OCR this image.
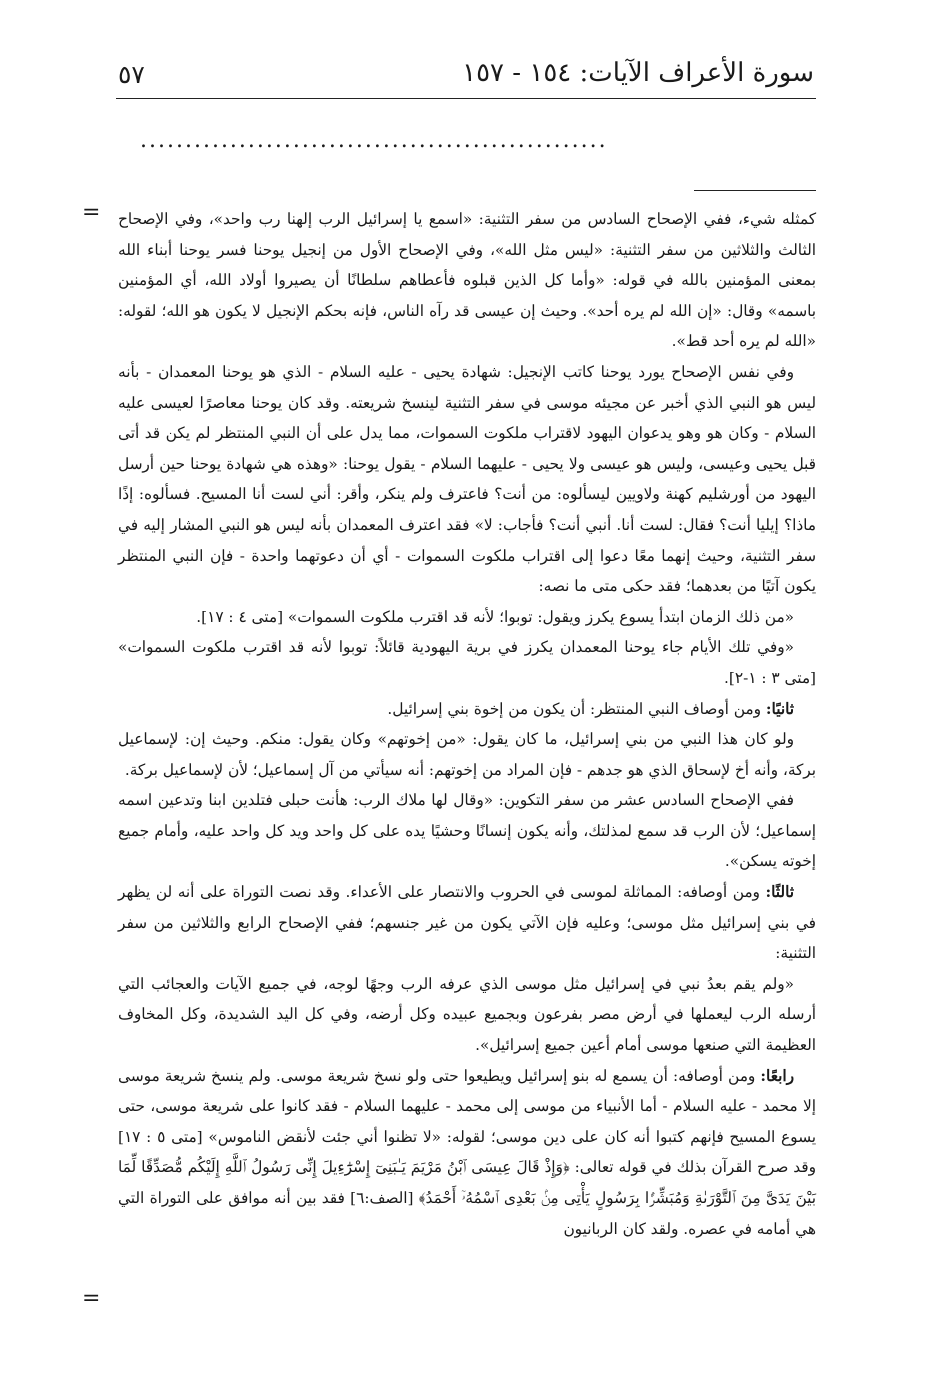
٥٧	سورة الأعراف الآيات: ١٥٤ - ١٥٧
....................................................
=
=

كمثله شيء، ففي الإصحاح السادس من سفر التثنية: «اسمع يا إسرائيل الرب إلهنا رب واحد»، وفي الإصحاح الثالث والثلاثين من سفر التثنية: «ليس مثل الله»، وفي الإصحاح الأول من إنجيل يوحنا فسر يوحنا أبناء الله بمعنى المؤمنين بالله في قوله: «وأما كل الذين قبلوه فأعطاهم سلطانًا أن يصيروا أولاد الله، أي المؤمنين باسمه» وقال: «إن الله لم يره أحد». وحيث إن عيسى قد رآه الناس، فإنه بحكم الإنجيل لا يكون هو الله؛ لقوله: «الله لم يره أحد قط».

وفي نفس الإصحاح يورد يوحنا كاتب الإنجيل: شهادة يحيى - عليه السلام - الذي هو يوحنا المعمدان - بأنه ليس هو النبي الذي أخبر عن مجيئه موسى في سفر التثنية لينسخ شريعته. وقد كان يوحنا معاصرًا لعيسى عليه السلام - وكان هو وهو يدعوان اليهود لاقتراب ملكوت السموات، مما يدل على أن النبي المنتظر لم يكن قد أتى قبل يحيى وعيسى، وليس هو عيسى ولا يحيى - عليهما السلام - يقول يوحنا: «وهذه هي شهادة يوحنا حين أرسل اليهود من أورشليم كهنة ولاويين ليسألوه: من أنت؟ فاعترف ولم ينكر، وأقر: أني لست أنا المسيح. فسألوه: إذًا ماذا؟ إيليا أنت؟ فقال: لست أنا. أنبي أنت؟ فأجاب: لا» فقد اعترف المعمدان بأنه ليس هو النبي المشار إليه في سفر التثنية، وحيث إنهما معًا دعوا إلى اقتراب ملكوت السموات - أي أن دعوتهما واحدة - فإن النبي المنتظر يكون آتيًا من بعدهما؛ فقد حكى متى ما نصه:

«من ذلك الزمان ابتدأ يسوع يكرز ويقول: توبوا؛ لأنه قد اقترب ملكوت السموات» [متى ٤ : ١٧].

«وفي تلك الأيام جاء يوحنا المعمدان يكرز في برية اليهودية قائلاً: توبوا لأنه قد اقترب ملكوت السموات» [متى ٣ : ١-٢].

ثانيًا: ومن أوصاف النبي المنتظر: أن يكون من إخوة بني إسرائيل.

ولو كان هذا النبي من بني إسرائيل، ما كان يقول: «من إخوتهم» وكان يقول: منكم. وحيث إن: لإسماعيل بركة، وأنه أخ لإسحاق الذي هو جدهم - فإن المراد من إخوتهم: أنه سيأتي من آل إسماعيل؛ لأن لإسماعيل بركة.

ففي الإصحاح السادس عشر من سفر التكوين: «وقال لها ملاك الرب: هأنت حبلى فتلدين ابنا وتدعين اسمه إسماعيل؛ لأن الرب قد سمع لمذلتك، وأنه يكون إنسانًا وحشيًا يده على كل واحد ويد كل واحد عليه، وأمام جميع إخوته يسكن».

ثالثًا: ومن أوصافه: المماثلة لموسى في الحروب والانتصار على الأعداء. وقد نصت التوراة على أنه لن يظهر في بني إسرائيل مثل موسى؛ وعليه فإن الآتي يكون من غير جنسهم؛ ففي الإصحاح الرابع والثلاثين من سفر التثنية:

«ولم يقم بعدُ نبي في إسرائيل مثل موسى الذي عرفه الرب وجهًا لوجه، في جميع الآيات والعجائب التي أرسله الرب ليعملها في أرض مصر بفرعون وبجميع عبيده وكل أرضه، وفي كل اليد الشديدة، وكل المخاوف العظيمة التي صنعها موسى أمام أعين جميع إسرائيل».

رابعًا: ومن أوصافه: أن يسمع له بنو إسرائيل ويطيعوا حتى ولو نسخ شريعة موسى. ولم ينسخ شريعة موسى إلا محمد - عليه السلام - أما الأنبياء من موسى إلى محمد - عليهما السلام - فقد كانوا على شريعة موسى، حتى يسوع المسيح فإنهم كتبوا أنه كان على دين موسى؛ لقوله: «لا تظنوا أني جئت لأنقض الناموس» [متى ٥ : ١٧] وقد صرح القرآن بذلك في قوله تعالى: ﴿وَإِذْ قَالَ عِيسَى ٱبْنُ مَرْيَمَ يَـٰبَنِىٓ إِسْرَٰٓءِيلَ إِنِّى رَسُولُ ٱللَّهِ إِلَيْكُم مُّصَدِّقًا لِّمَا بَيْنَ يَدَىَّ مِنَ ٱلتَّوْرَىٰةِ وَمُبَشِّرًۢا بِرَسُولٍ يَأْتِى مِنۢ بَعْدِى ٱسْمُهُۥٓ أَحْمَدُ﴾ [الصف:٦] فقد بين أنه موافق على التوراة التي هي أمامه في عصره. ولقد كان الربانيون
